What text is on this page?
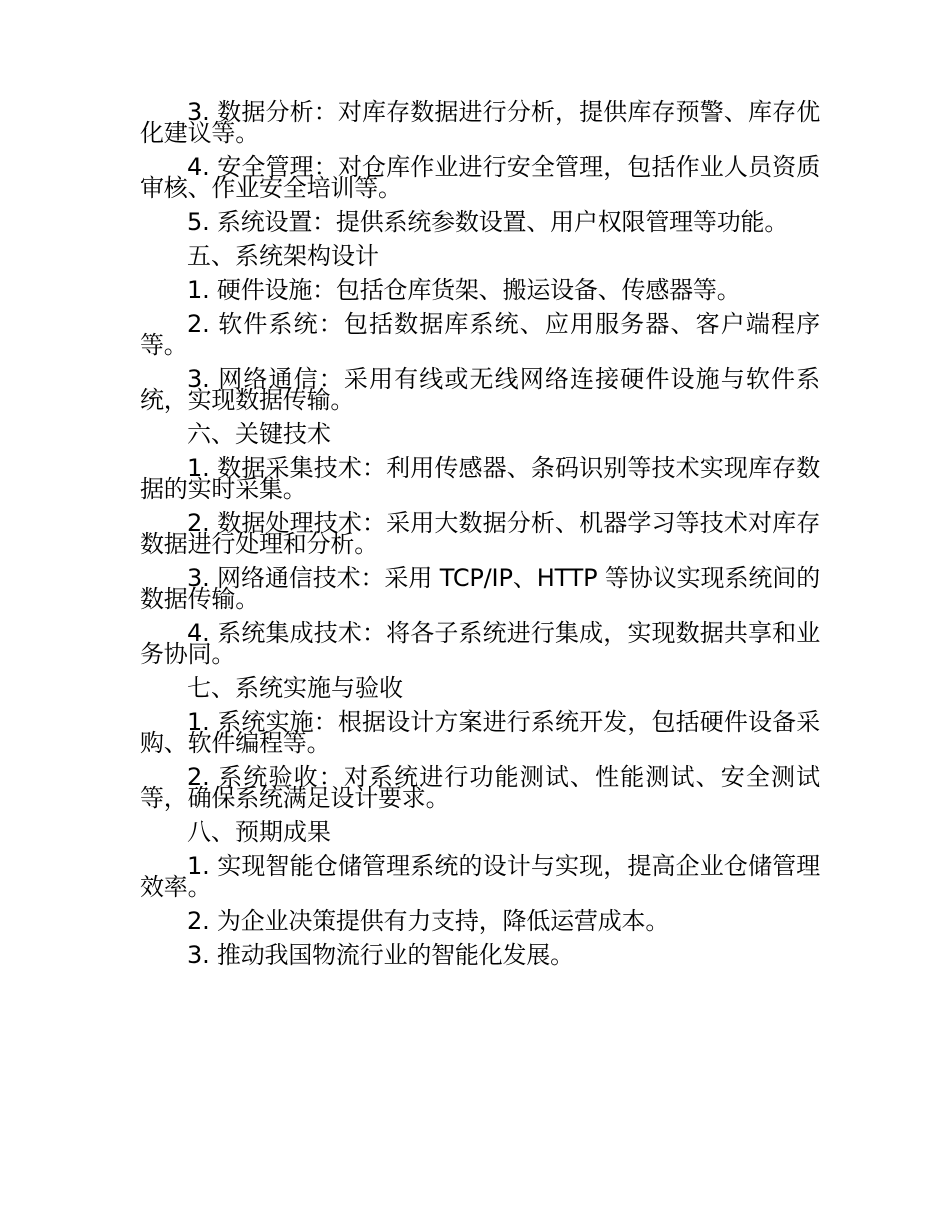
3. 数据分析：对库存数据进行分析，提供库存预警、库存优化建议等。

4. 安全管理：对仓库作业进行安全管理，包括作业人员资质审核、作业安全培训等。

5. 系统设置：提供系统参数设置、用户权限管理等功能。

五、系统架构设计

1. 硬件设施：包括仓库货架、搬运设备、传感器等。

2. 软件系统：包括数据库系统、应用服务器、客户端程序等。

3. 网络通信：采用有线或无线网络连接硬件设施与软件系统，实现数据传输。

六、关键技术

1. 数据采集技术：利用传感器、条码识别等技术实现库存数据的实时采集。

2. 数据处理技术：采用大数据分析、机器学习等技术对库存数据进行处理和分析。

3. 网络通信技术：采用 TCP/IP、HTTP 等协议实现系统间的数据传输。

4. 系统集成技术：将各子系统进行集成，实现数据共享和业务协同。

七、系统实施与验收

1. 系统实施：根据设计方案进行系统开发，包括硬件设备采购、软件编程等。

2. 系统验收：对系统进行功能测试、性能测试、安全测试等，确保系统满足设计要求。

八、预期成果

1. 实现智能仓储管理系统的设计与实现，提高企业仓储管理效率。

2. 为企业决策提供有力支持，降低运营成本。

3. 推动我国物流行业的智能化发展。
